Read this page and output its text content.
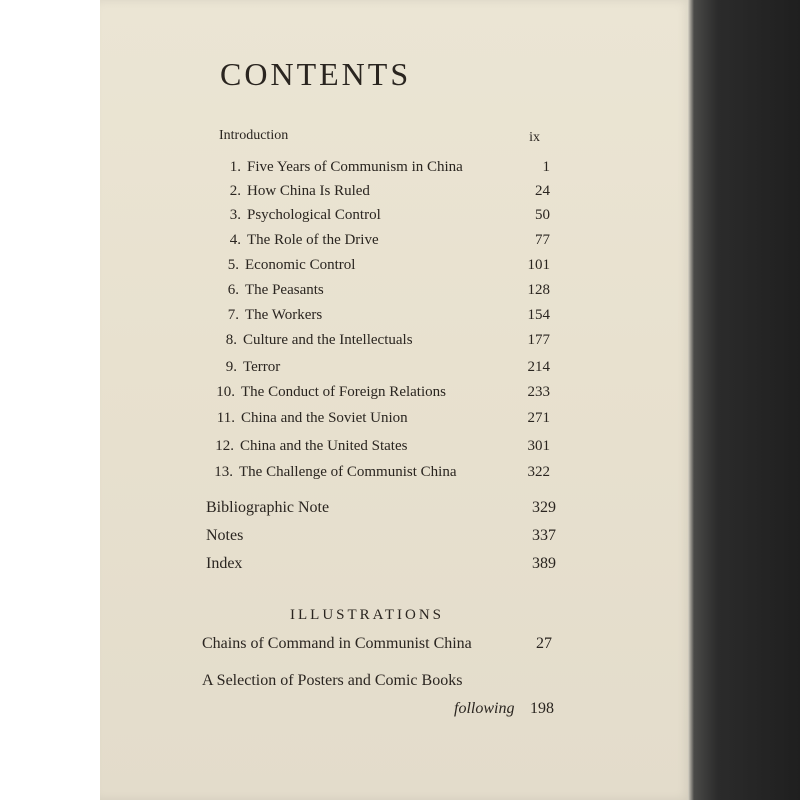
CONTENTS
Introduction	ix
1. Five Years of Communism in China	1
2. How China Is Ruled	24
3. Psychological Control	50
4. The Role of the Drive	77
5. Economic Control	101
6. The Peasants	128
7. The Workers	154
8. Culture and the Intellectuals	177
9. Terror	214
10. The Conduct of Foreign Relations	233
11. China and the Soviet Union	271
12. China and the United States	301
13. The Challenge of Communist China	322
Bibliographic Note	329
Notes	337
Index	389
ILLUSTRATIONS
Chains of Command in Communist China	27
A Selection of Posters and Comic Books
following 198
